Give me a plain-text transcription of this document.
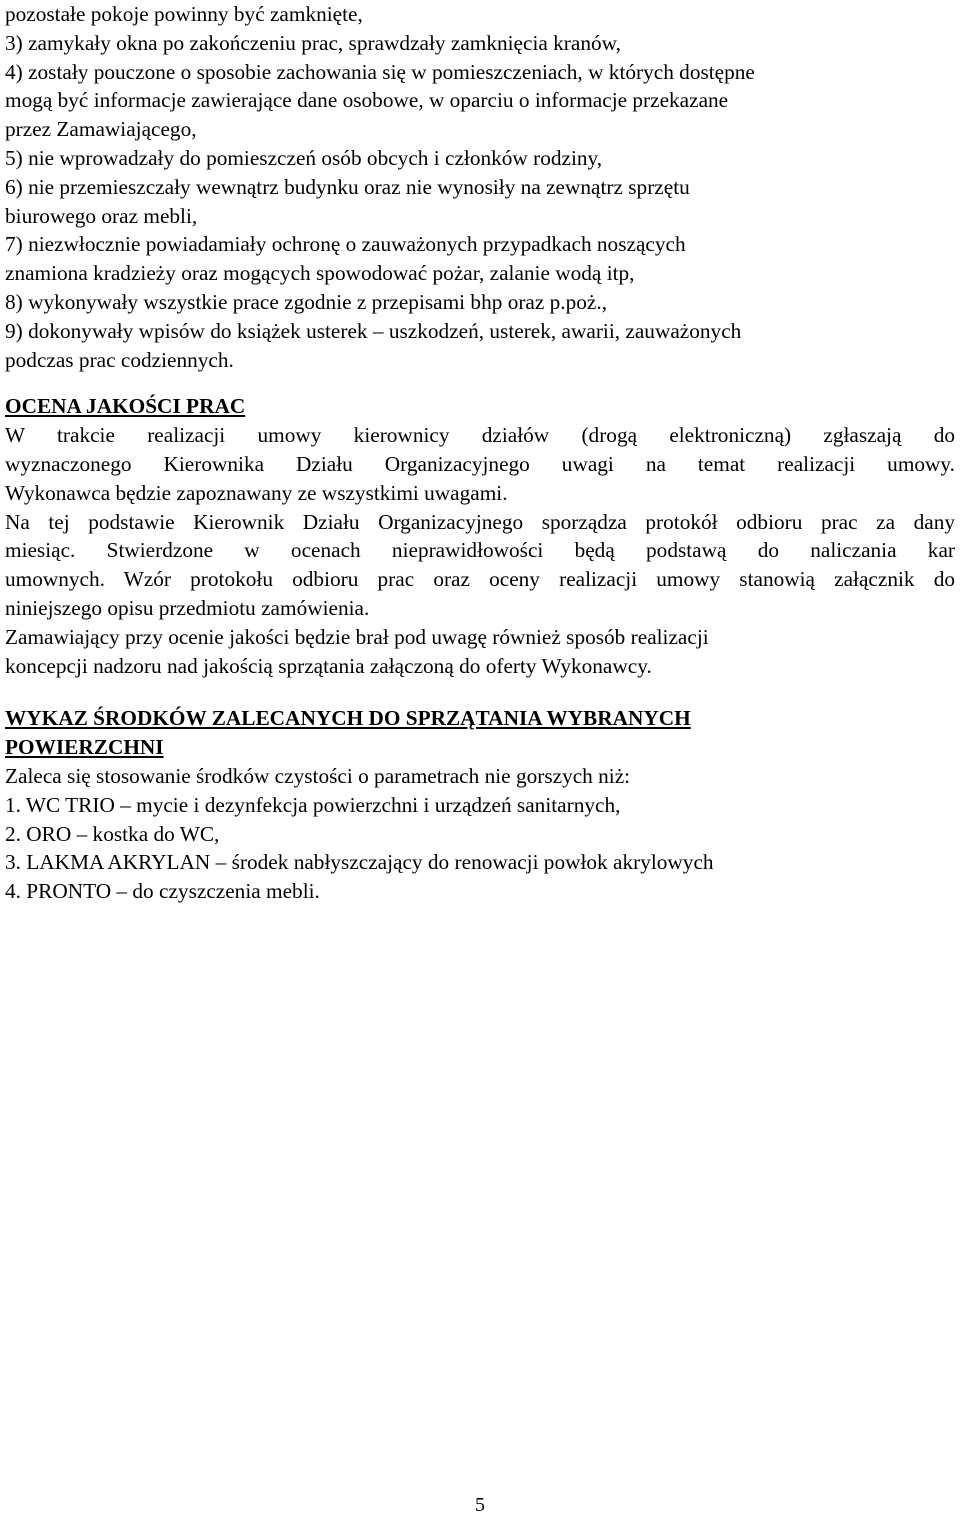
pozostałe pokoje powinny być zamknięte,
3) zamykały okna po zakończeniu prac, sprawdzały zamknięcia kranów,
4) zostały pouczone o sposobie zachowania się w pomieszczeniach, w których dostępne
mogą być informacje zawierające dane osobowe, w oparciu o informacje przekazane
przez Zamawiającego,
5) nie wprowadzały do pomieszczeń osób obcych i członków rodziny,
6) nie przemieszczały wewnątrz budynku oraz nie wynosiły na zewnątrz sprzętu
biurowego oraz mebli,
7) niezwłocznie powiadamiały ochronę o zauważonych przypadkach noszących
znamiona kradzieży oraz mogących spowodować pożar, zalanie wodą itp,
8) wykonywały wszystkie prace zgodnie z przepisami bhp oraz p.poż.,
9) dokonywały wpisów do książek usterek – uszkodzeń, usterek, awarii, zauważonych
podczas prac codziennych.
OCENA JAKOŚCI PRAC
W trakcie realizacji umowy kierownicy działów (drogą elektroniczną) zgłaszają do
wyznaczonego Kierownika Działu Organizacyjnego uwagi na temat realizacji umowy.
Wykonawca będzie zapoznawany ze wszystkimi uwagami.
Na tej podstawie Kierownik Działu Organizacyjnego sporządza protokół odbioru prac za dany
miesiąc. Stwierdzone w ocenach nieprawidłowości będą podstawą do naliczania kar
umownych. Wzór protokołu odbioru prac oraz oceny realizacji umowy stanowią załącznik do
niniejszego opisu przedmiotu zamówienia.
Zamawiający przy ocenie jakości będzie brał pod uwagę również sposób realizacji
koncepcji nadzoru nad jakością sprzątania załączoną do oferty Wykonawcy.
WYKAZ ŚRODKÓW ZALECANYCH DO SPRZĄTANIA WYBRANYCH
POWIERZCHNI
Zaleca się stosowanie środków czystości o parametrach nie gorszych niż:
1. WC TRIO – mycie i dezynfekcja powierzchni i urządzeń sanitarnych,
2. ORO – kostka do WC,
3. LAKMA AKRYLAN – środek nabłyszczający do renowacji powłok akrylowych
4. PRONTO – do czyszczenia mebli.
5
